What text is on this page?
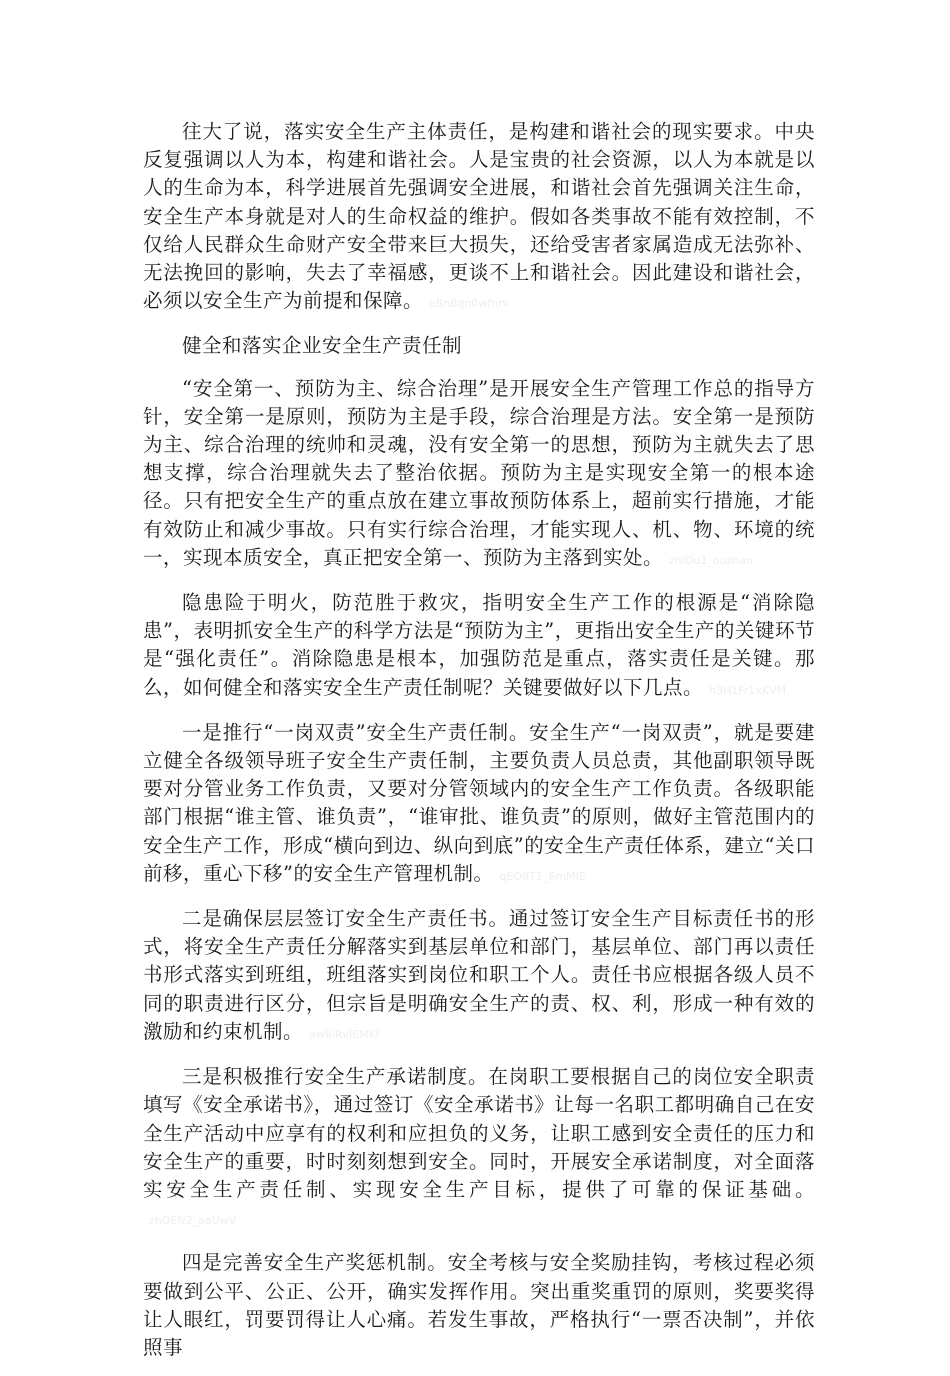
往大了说，落实安全生产主体责任，是构建和谐社会的现实要求。中央反复强调以人为本，构建和谐社会。人是宝贵的社会资源，以人为本就是以人的生命为本，科学进展首先强调安全进展，和谐社会首先强调关注生命，安全生产本身就是对人的生命权益的维护。假如各类事故不能有效控制，不仅给人民群众生命财产安全带来巨大损失，还给受害者家属造成无法弥补、无法挽回的影响，失去了幸福感，更谈不上和谐社会。因此建设和谐社会，必须以安全生产为前提和保障。 eBn8qn0wfnrv

健全和落实企业安全生产责任制

“安全第一、预防为主、综合治理”是开展安全生产管理工作总的指导方针，安全第一是原则，预防为主是手段，综合治理是方法。安全第一是预防为主、综合治理的统帅和灵魂，没有安全第一的思想，预防为主就失去了思想支撑，综合治理就失去了整治依据。预防为主是实现安全第一的根本途径。只有把安全生产的重点放在建立事故预防体系上，超前实行措施，才能有效防止和减少事故。只有实行综合治理，才能实现人、机、物、环境的统一，实现本质安全，真正把安全第一、预防为主落到实处。 zhiOu1_ouzhao

隐患险于明火，防范胜于救灾，指明安全生产工作的根源是“消除隐患”，表明抓安全生产的科学方法是“预防为主”，更指出安全生产的关键环节是“强化责任”。消除隐患是根本，加强防范是重点，落实责任是关键。那么，如何健全和落实安全生产责任制呢？关键要做好以下几点。 h3H1Fr1xKVM

一是推行“一岗双责”安全生产责任制。安全生产“一岗双责”，就是要建立健全各级领导班子安全生产责任制，主要负责人员总责，其他副职领导既要对分管业务工作负责，又要对分管领域内的安全生产工作负责。各级职能部门根据“谁主管、谁负责”，“谁审批、谁负责”的原则，做好主管范围内的安全生产工作，形成“横向到边、纵向到底”的安全生产责任体系，建立“关口前移，重心下移”的安全生产管理机制。 q6O9T1_6mMIE

二是确保层层签订安全生产责任书。通过签订安全生产目标责任书的形式，将安全生产责任分解落实到基层单位和部门，基层单位、部门再以责任书形式落实到班组，班组落实到岗位和职工个人。责任书应根据各级人员不同的职责进行区分，但宗旨是明确安全生产的责、权、利，形成一种有效的激励和约束机制。 aw6iRvIEMKl

三是积极推行安全生产承诺制度。在岗职工要根据自己的岗位安全职责填写《安全承诺书》，通过签订《安全承诺书》让每一名职工都明确自己在安全生产活动中应享有的权利和应担负的义务，让职工感到安全责任的压力和安全生产的重要，时时刻刻想到安全。同时，开展安全承诺制度，对全面落实安全生产责任制、实现安全生产目标，提供了可靠的保证基础。zhOEN2_aaUwV

四是完善安全生产奖惩机制。安全考核与安全奖励挂钩，考核过程必须要做到公平、公正、公开，确实发挥作用。突出重奖重罚的原则，奖要奖得让人眼红，罚要罚得让人心痛。若发生事故，严格执行“一票否决制”，并依照事
